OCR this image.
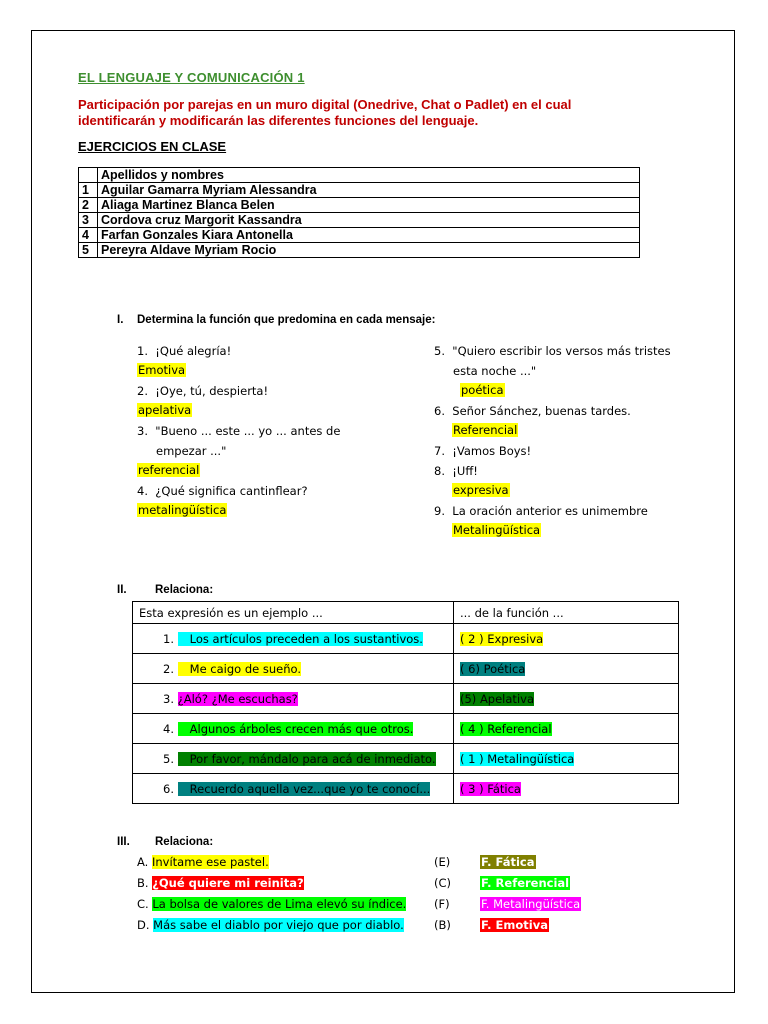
EL LENGUAJE Y COMUNICACIÓN 1
Participación por parejas en un muro digital (Onedrive, Chat o Padlet) en el cual identificarán y modificarán las diferentes funciones del lenguaje.
EJERCICIOS EN CLASE
	Apellidos y nombres
1	Aguilar Gamarra Myriam Alessandra
2	Aliaga Martinez Blanca Belen
3	Cordova cruz Margorit Kassandra
4	Farfan Gonzales Kiara Antonella
5	Pereyra Aldave Myriam Rocio
I. Determina la función que predomina en cada mensaje:
1. ¡Qué alegría!
Emotiva
2. ¡Oye, tú, despierta!
apelativa
3. "Bueno ... este ... yo ... antes de
empezar ..."
referencial
4. ¿Qué significa cantinflear?
metalingüística
5. "Quiero escribir los versos más tristes
esta noche ..."
poética
6. Señor Sánchez, buenas tardes.
Referencial
7. ¡Vamos Boys!
8. ¡Uff!
expresiva
9. La oración anterior es unimembre
Metalingüística
II. Relaciona:
Esta expresión es un ejemplo ...	... de la función ...
1. Los artículos preceden a los sustantivos.	( 2 ) Expresiva
2. Me caigo de sueño.	( 6) Poética
3. ¿Aló? ¿Me escuchas?	(5) Apelativa
4. Algunos árboles crecen más que otros.	( 4 ) Referencial
5. Por favor, mándalo para acá de inmediato.	( 1 ) Metalingüística
6. Recuerdo aquella vez...que yo te conocí...	( 3 ) Fática
III. Relaciona:
A. Invítame ese pastel.	(E)	F. Fática
B. ¿Qué quiere mi reinita?	(C)	F. Referencial
C. La bolsa de valores de Lima elevó su índice. (F)	F. Metalingüística
D. Más sabe el diablo por viejo que por diablo.	(B)	F. Emotiva
